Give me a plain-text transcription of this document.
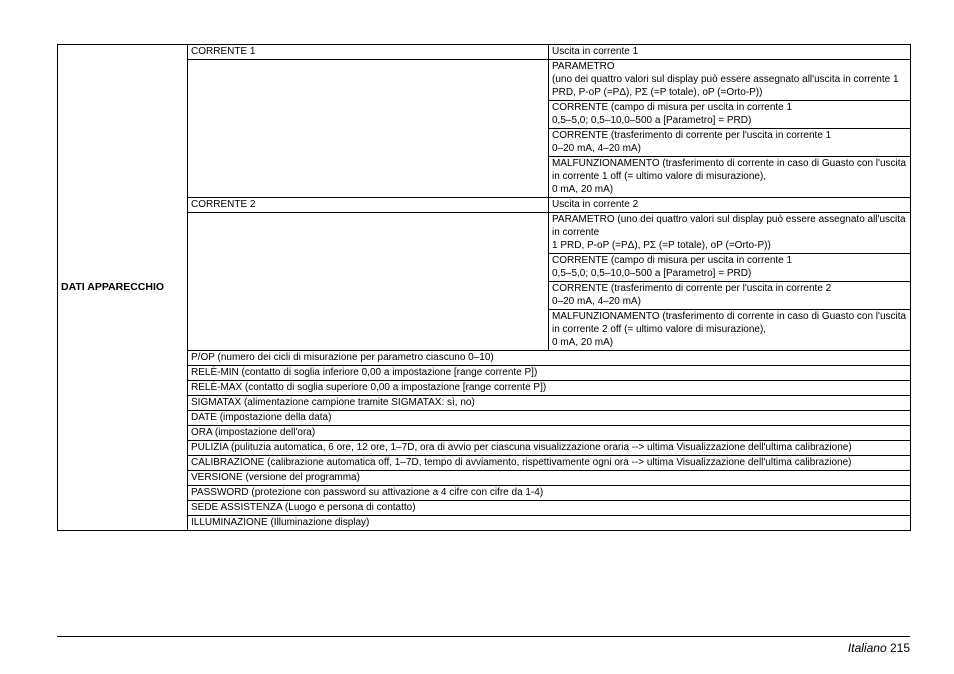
DATI APPARECCHIO	CORRENTE 1	Uscita in corrente 1
		PARAMETRO
(uno dei quattro valori sul display può essere assegnato all'uscita in corrente 1
PRD, P-oP (=PΔ), PΣ (=P totale), oP (=Orto-P))
		CORRENTE (campo di misura per uscita in corrente 1
0,5–5,0; 0,5–10,0–500 a [Parametro] = PRD)
		CORRENTE (trasferimento di corrente per l'uscita in corrente 1
0–20 mA, 4–20 mA)
		MALFUNZIONAMENTO (trasferimento di corrente in caso di Guasto con l'uscita in corrente 1 off (= ultimo valore di misurazione),
0 mA, 20 mA)
	CORRENTE 2	Uscita in corrente 2
		PARAMETRO (uno dei quattro valori sul display può essere assegnato all'uscita in corrente
1 PRD, P-oP (=PΔ), PΣ (=P totale), oP (=Orto-P))
		CORRENTE (campo di misura per uscita in corrente 1
0,5–5,0; 0,5–10,0–500 a [Parametro] = PRD)
		CORRENTE (trasferimento di corrente per l'uscita in corrente 2
0–20 mA, 4–20 mA)
		MALFUNZIONAMENTO (trasferimento di corrente in caso di Guasto con l'uscita in corrente 2 off (= ultimo valore di misurazione),
0 mA, 20 mA)
	P/OP (numero dei cicli di misurazione per parametro ciascuno 0–10)	
	RELÈ-MIN (contatto di soglia inferiore 0,00 a impostazione [range corrente P])	
	RELÈ-MAX (contatto di soglia superiore 0,00 a impostazione [range corrente P])	
	SIGMATAX (alimentazione campione tramite SIGMATAX: sì, no)	
	DATE (impostazione della data)	
	ORA (impostazione dell'ora)	
	PULIZIA (pulituzia automatica, 6 ore, 12 ore, 1–7D, ora di avvio per ciascuna visualizzazione oraria --> ultima Visualizzazione dell'ultima calibrazione)	
	CALIBRAZIONE (calibrazione automatica off, 1–7D, tempo di avviamento, rispettivamente ogni ora --> ultima Visualizzazione dell'ultima calibrazione)	
	VERSIONE (versione del programma)	
	PASSWORD (protezione con password su attivazione a 4 cifre con cifre da 1-4)	
	SEDE ASSISTENZA (Luogo e persona di contatto)	
	ILLUMINAZIONE (Illuminazione display)	
Italiano 215
